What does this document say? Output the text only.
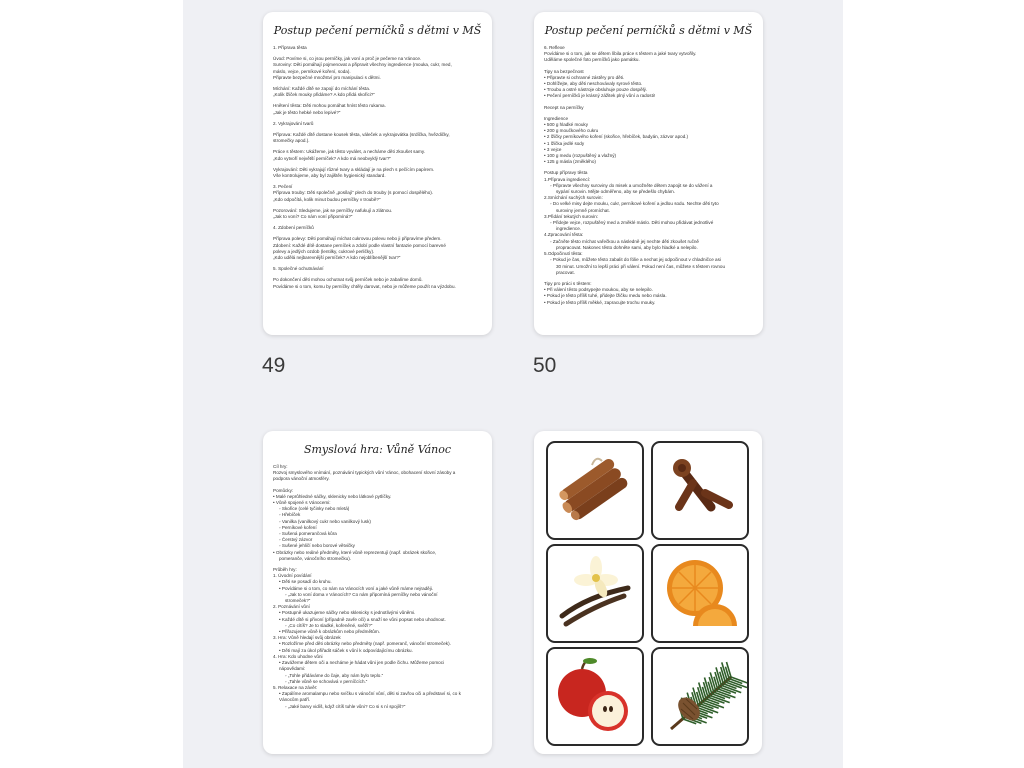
Postup pečení perníčků s dětmi v MŠ
1. Příprava těsta
Úvod: Povíme si, co jsou perníčky, jak voní a proč je pečeme na Vánoce.
Suroviny: Děti pomáhají pojmenovat a připravit všechny ingredience (mouka, cukr, med,
máslo, vejce, perníkové koření, soda).
Připravte bezpečné množství pro manipulaci s dětmi.
Míchání: Každé dítě se zapojí do míchání těsta.
„Kolik lžiček mouky přidáme? A kdo přidá skořici?“
Hnětení těsta: Děti mohou pomáhat hníst těsto rukama.
„Jak je těsto hebké nebo lepivé?“
2. Vykrajování tvarů
Příprava: Každé dítě dostane kousek těsta, váleček a vykrajovátka (srdíčka, hvězdičky,
stromečky apod.).
Práce s těstem: Ukážeme, jak těsto vyválet, a necháme děti zkoušet samy.
„Kdo vytvoří největší perníček? A kdo má neobvyklý tvar?“
Vykrajování: Děti vykrajují různé tvary a skládají je na plech s pečícím papírem.
Vše kontrolujeme, aby byl zajištěn hygienický standard.
3. Pečení
Příprava trouby: Děti společně „posílají“ plech do trouby (s pomocí dospělého).
„Kdo odpočítá, kolik minut budou perníčky v troubě?“
Pozorování: Sledujeme, jak se perníčky nafukují a zlátnou.
„Jak to voní? Co nám voní připomíná?“
4. Zdobení perníčků
Příprava polevy: Děti pomáhají míchat cukrovou polevu nebo ji připravíme předem.
Zdobení: Každé dítě dostane perníček a zdobí podle vlastní fantazie pomocí barevné
polevy a jedlých ozdob (lentilky, cukrové perličky).
„Kdo udělá nejbarevnější perníček? A kdo nejoblíbenější tvar?“
5. Společné ochutnávání
Po dokončení děti mohou ochutnat svůj perníček nebo je zabalíme domů.
Povídáme si o tom, komu by perníčky chtěly darovat, nebo je můžeme použít na výzdobu.
49
Postup pečení perníčků s dětmi v MŠ
6. Reflexe
Povídáme si o tom, jak se dětem líbila práce s těstem a jaké tvary vytvořily.
Uděláme společné foto perníčků jako památku.
Tipy na bezpečnost
• Připravte si ochranné zástěry pro děti.
• Dohlížejte, aby děti neschovávaly syrové těsto.
• Troubu a ostré nástroje obsluhuje pouze dospělý.
• Pečení perníčků je krásný zážitek plný vůní a radosti!
Recept na perníčky
Ingredience
• 500 g hladké mouky
• 200 g moučkového cukru
• 2 lžičky perníkového koření (skořice, hřebíček, badyán, zázvor apod.)
• 1 lžička jedlé sody
• 3 vejce
• 100 g medu (rozpuštěný a vlažný)
• 125 g másla (změklého)
Postup přípravy těsta
1.Příprava ingrediencí:
◦ Připravte všechny suroviny do misek a umožněte dětem zapojit se do vážení a
sypání surovin. Mějte odměřeno, aby se předešlo chybám.
2.Smíchání suchých surovin:
◦ Do velké misy dejte mouku, cukr, perníkové koření a jedlou sodu. Nechte děti tyto
suroviny jemně promíchat.
3.Přidání tekutých surovin:
◦ Přidejte vejce, rozpuštěný med a změklé máslo. Děti mohou přidávat jednotlivé
ingredience.
4.Zpracování těsta:
◦ Začněte těsto míchat vařečkou a následně jej nechte děti zkoušet ručně
propracovat. Nakonec těsto dohněte sami, aby bylo hladké a nelepilo.
5.Odpočinutí těsta:
◦ Pokud je čas, můžete těsto zabalit do fólie a nechat jej odpočinout v chladničce asi
30 minut. Umožní to lepší práci při válení. Pokud není čas, můžete s těstem rovnou
pracovat.
Tipy pro práci s těstem:
• Při válení těsto podsypejte moukou, aby se nelepilo.
• Pokud je těsto příliš tuhé, přidejte lžičku medu nebo másla.
• Pokud je těsto příliš měkké, zapracujte trochu mouky.
50
Smyslová hra: Vůně Vánoc
Cíl hry:
Rozvoj smyslového vnímání, poznávání typických vůní Vánoc, obohacení slovní zásoby a
podpora vánoční atmosféry.
Pomůcky:
• Malé neprůhledné sáčky, sklenicky nebo látkové pytlíčky.
• Vůně spojené s Vánocemi:
◦ Skořice (celé tyčinky nebo mletá)
◦ Hřebíček
◦ Vanilka (vanilkový cukr nebo vanilkový lusk)
◦ Perníkové koření
◦ Sušená pomerančová kůra
◦ Čerstvý zázvor
◦ Sušené jehličí nebo borové větvičky
• Obrázky nebo reálné předměty, které vůně reprezentují (např. obrázek skořice,
pomeranče, vánočního stromečku).
Průběh hry:
1. Úvodní povídání
• Děti se posadí do kruhu.
• Povídáme si o tom, co nám na Vánocích voní a jaké vůně máme nejraději.
◦ „Jak to voní doma v Vánocích? Co nám připomíná perníčky nebo vánoční
stromeček?“
2. Poznávání vůní
• Postupně ukazujeme sáčky nebo sklenicky s jednotlivými vůněmi.
• Každé dítě si přivoní (případně zavře oči) a snaží se vůni popsat nebo uhodnout.
◦ „Co cítíš? Je to sladké, kořeněné, svěží?“
• Přiřazujeme vůně k obrázkům nebo předmětům.
3. Hra: Vůně hledají svůj obrázek
• Rozložíme před děti obrázky nebo předměty (např. pomeranč, vánoční stromeček).
• Děti mají za úkol přiřadit sáček s vůní k odpovídajícímu obrázku.
4. Hra: Kdo uhodne vůni
• Zavážeme dětem oči a necháme je hádat vůni jen podle čichu. Můžeme pomoci
nápovědami:
◦ „Tohle přidáváme do čaje, aby nám bylo teplo.“
◦ „Tahle vůně se schovává v perníčcích.“
5. Relaxace na závěr:
• Zapálíme aromalampu nebo svíčku s vánoční vůní, děti si zavřou oči a představí si, co k
Vánocům patří.
◦ „Jaké barvy vidíš, když cítíš tuhle vůni? Co si s ní spojíš?“
